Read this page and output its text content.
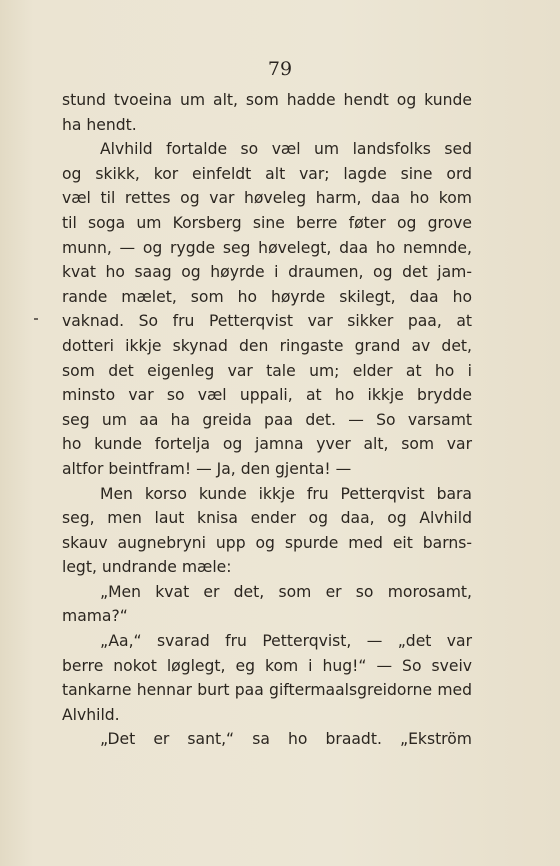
79

stund tvoeina um alt, som hadde hendt og kunde
ha hendt.
Alvhild fortalde so væl um landsfolks sed
og skikk, kor einfeldt alt var; lagde sine ord
væl til rettes og var høveleg harm, daa ho kom
til soga um Korsberg sine berre føter og grove
munn, — og rygde seg høvelegt, daa ho nemnde,
kvat ho saag og høyrde i draumen, og det jam-
rande mælet, som ho høyrde skilegt, daa ho
vaknad. So fru Petterqvist var sikker paa, at
dotteri ikkje skynad den ringaste grand av det,
som det eigenleg var tale um; elder at ho i
minsto var so væl uppali, at ho ikkje brydde
seg um aa ha greida paa det. — So varsamt
ho kunde fortelja og jamna yver alt, som var
altfor beintfram! — Ja, den gjenta! —
Men korso kunde ikkje fru Petterqvist bara
seg, men laut knisa ender og daa, og Alvhild
skauv augnebryni upp og spurde med eit barns-
legt, undrande mæle:
„Men kvat er det, som er so morosamt,
mama?“
„Aa,“ svarad fru Petterqvist, — „det var
berre nokot løglegt, eg kom i hug!“ — So sveiv
tankarne hennar burt paa giftermaalsgreidorne med
Alvhild.
„Det er sant,“ sa ho braadt. „Ekström
